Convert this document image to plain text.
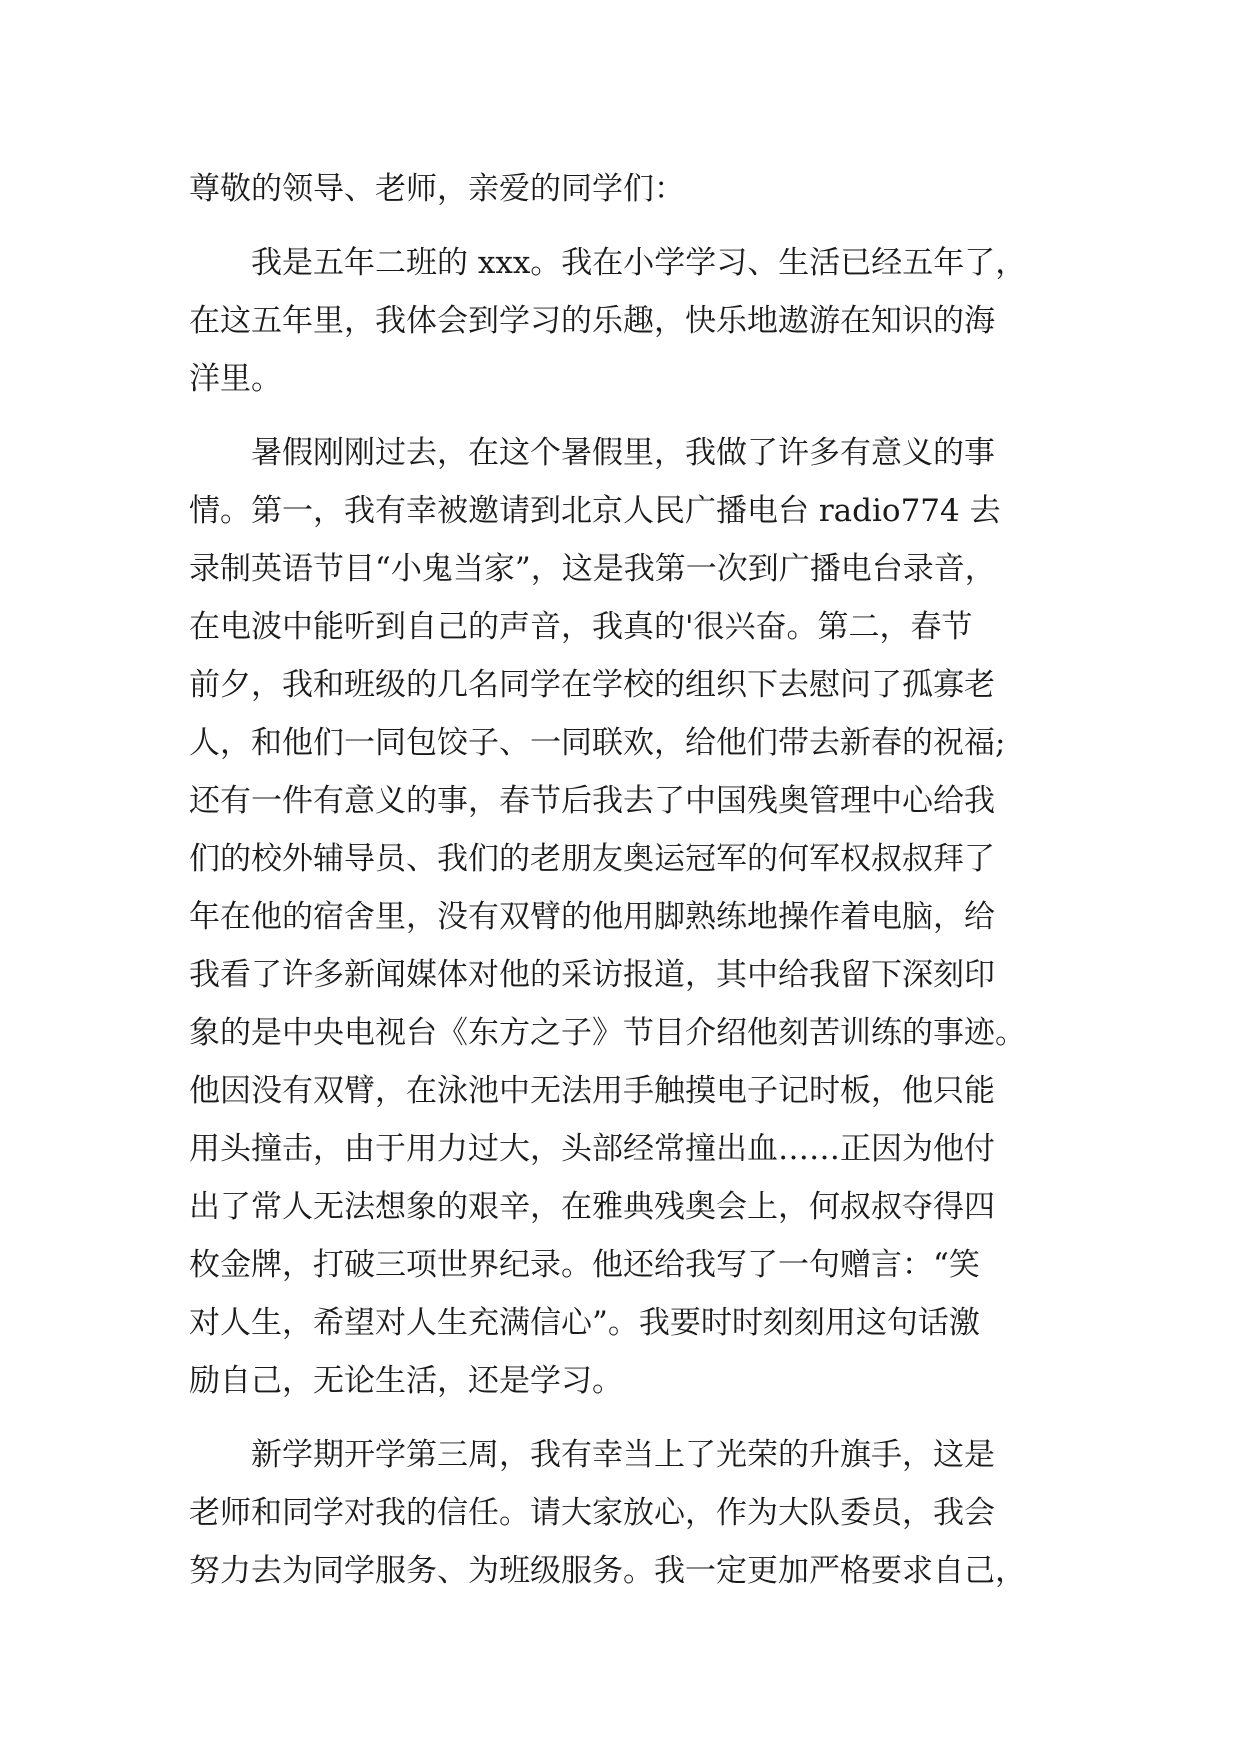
尊敬的领导、老师，亲爱的同学们：
我是五年二班的 xxx。我在小学学习、生活已经五年了，
在这五年里，我体会到学习的乐趣，快乐地遨游在知识的海
洋里。
暑假刚刚过去，在这个暑假里，我做了许多有意义的事
情。第一，我有幸被邀请到北京人民广播电台 radio774 去
录制英语节目“小鬼当家”，这是我第一次到广播电台录音，
在电波中能听到自己的声音，我真的'很兴奋。第二，春节
前夕，我和班级的几名同学在学校的组织下去慰问了孤寡老
人，和他们一同包饺子、一同联欢，给他们带去新春的祝福;
还有一件有意义的事，春节后我去了中国残奥管理中心给我
们的校外辅导员、我们的老朋友奥运冠军的何军权叔叔拜了
年在他的宿舍里，没有双臂的他用脚熟练地操作着电脑，给
我看了许多新闻媒体对他的采访报道，其中给我留下深刻印
象的是中央电视台《东方之子》节目介绍他刻苦训练的事迹。
他因没有双臂，在泳池中无法用手触摸电子记时板，他只能
用头撞击，由于用力过大，头部经常撞出血……正因为他付
出了常人无法想象的艰辛，在雅典残奥会上，何叔叔夺得四
枚金牌，打破三项世界纪录。他还给我写了一句赠言：“笑
对人生，希望对人生充满信心”。我要时时刻刻用这句话激
励自己，无论生活，还是学习。
新学期开学第三周，我有幸当上了光荣的升旗手，这是
老师和同学对我的信任。请大家放心，作为大队委员，我会
努力去为同学服务、为班级服务。我一定更加严格要求自己，
